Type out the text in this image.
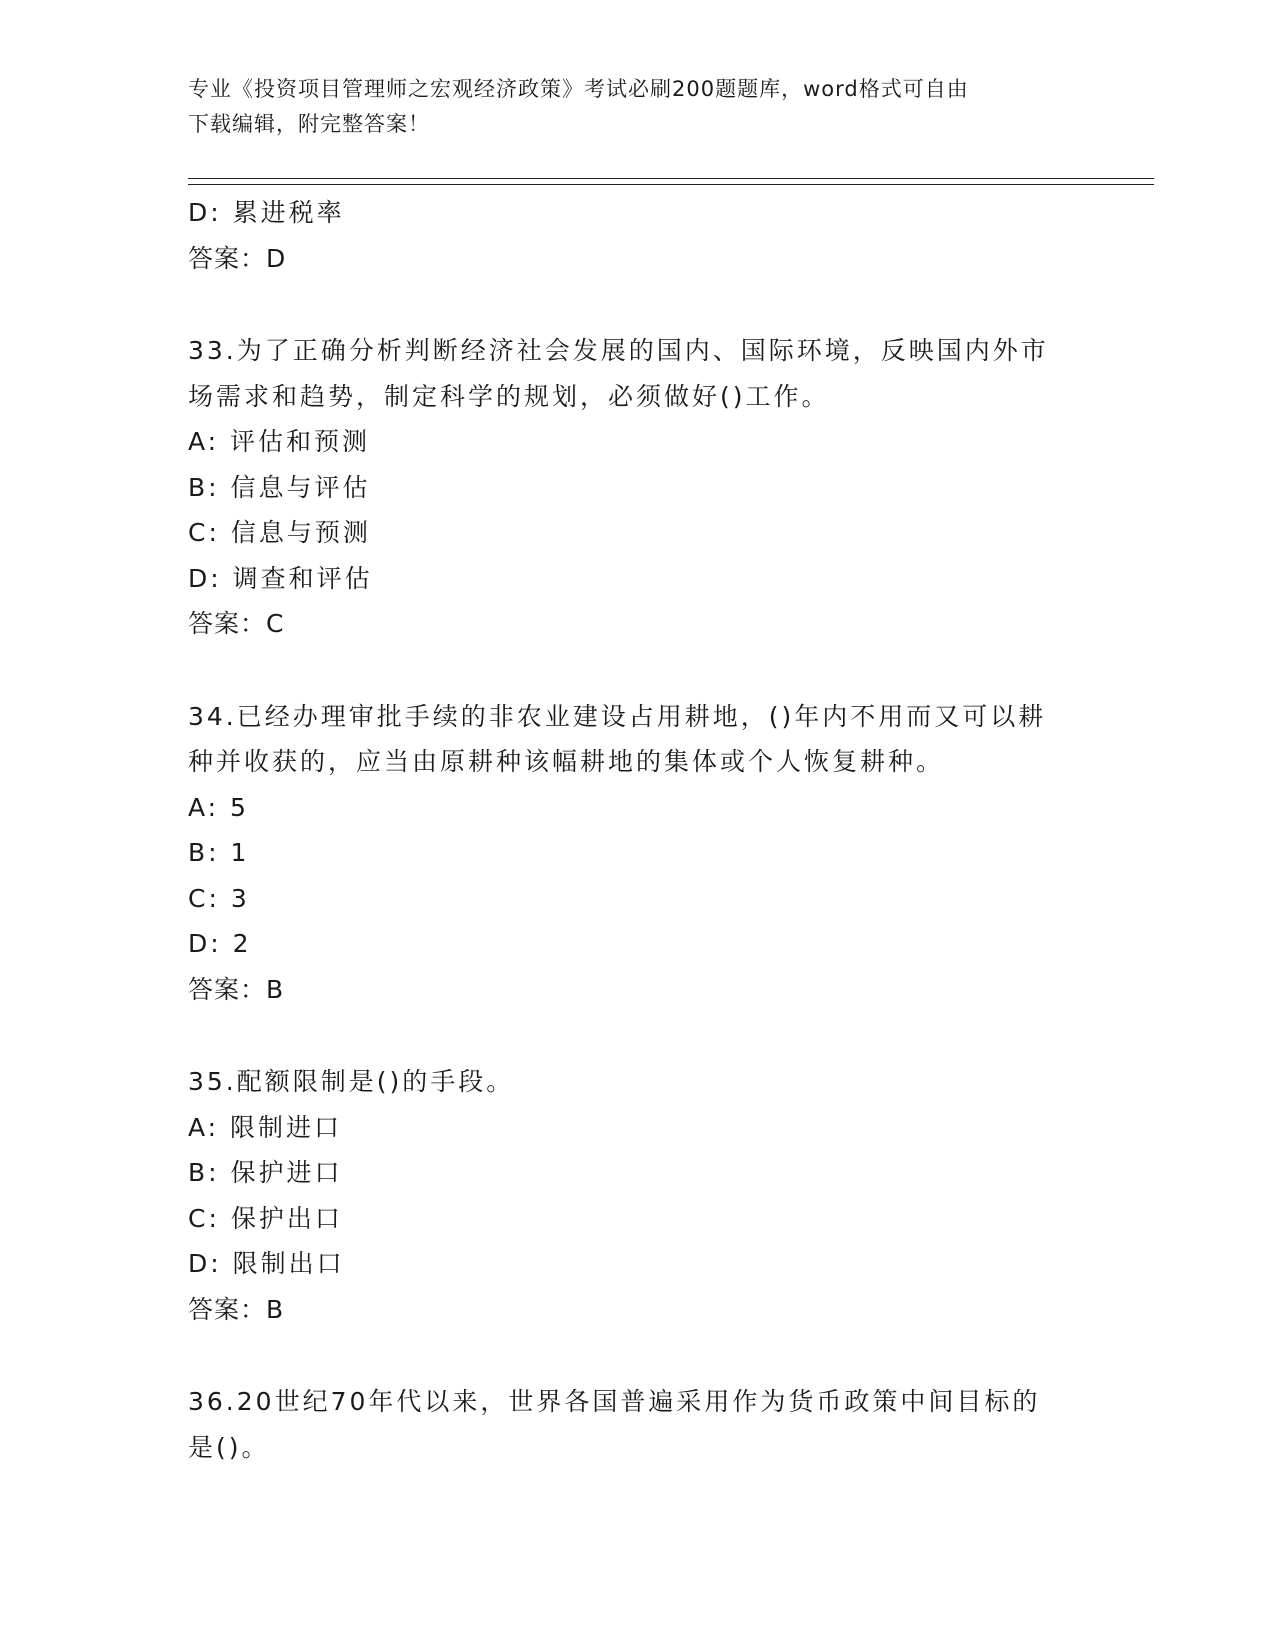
专业《投资项目管理师之宏观经济政策》考试必刷200题题库，word格式可自由
下载编辑，附完整答案！
D: 累进税率
答案：D
33.为了正确分析判断经济社会发展的国内、国际环境，反映国内外市
场需求和趋势，制定科学的规划，必须做好()工作。
A: 评估和预测
B: 信息与评估
C: 信息与预测
D: 调查和评估
答案：C
34.已经办理审批手续的非农业建设占用耕地，()年内不用而又可以耕
种并收获的，应当由原耕种该幅耕地的集体或个人恢复耕种。
A: 5
B: 1
C: 3
D: 2
答案：B
35.配额限制是()的手段。
A: 限制进口
B: 保护进口
C: 保护出口
D: 限制出口
答案：B
36.20世纪70年代以来，世界各国普遍采用作为货币政策中间目标的
是()。
